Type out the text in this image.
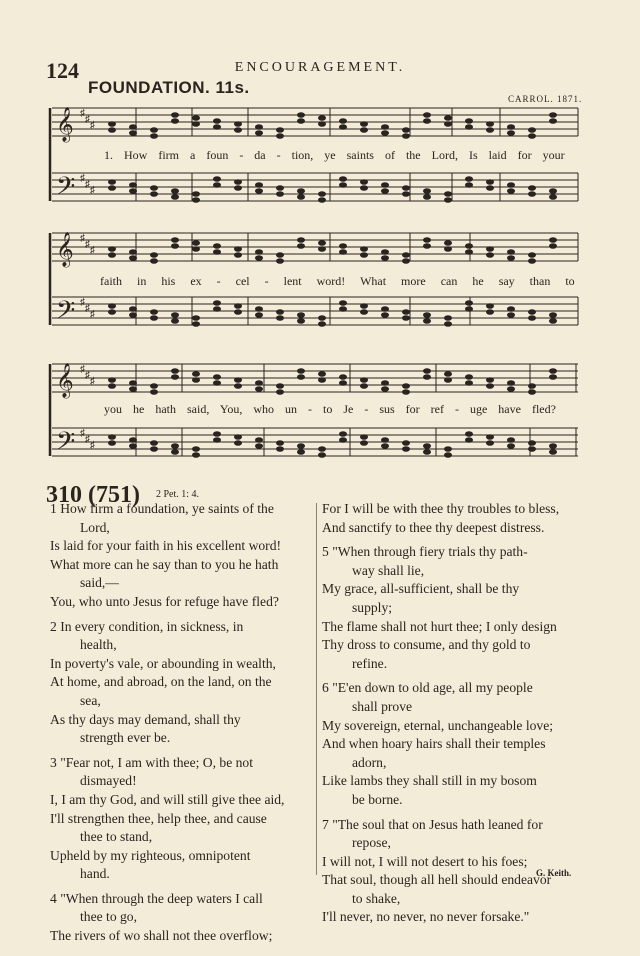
124	ENCOURAGEMENT.
FOUNDATION. 11s.
CARROL. 1871.
𝄞 ♯
♯
♯
𝄢 ♯
♯
♯
𝄞 ♯
♯
♯
𝄢 ♯
♯
♯
𝄞 ♯
♯
♯
𝄢 ♯
♯
♯
1. How firm a foun - da - tion, ye saints of the Lord, Is laid for your
faith in his ex - cel - lent word! What more can he say than to
you he hath said, You, who un - to Je - sus for ref - uge have fled?
310 (751) 2 Pet. 1: 4.

1 How firm a foundation, ye saints of the

Lord,

Is laid for your faith in his excellent word!

What more can he say than to you he hath

said,—

You, who unto Jesus for refuge have fled?

2 In every condition, in sickness, in

health,

In poverty's vale, or abounding in wealth,

At home, and abroad, on the land, on the

sea,

As thy days may demand, shall thy

strength ever be.

3 "Fear not, I am with thee; O, be not

dismayed!

I, I am thy God, and will still give thee aid,

I'll strengthen thee, help thee, and cause

thee to stand,

Upheld by my righteous, omnipotent

hand.

4 "When through the deep waters I call

thee to go,

The rivers of wo shall not thee overflow;

For I will be with thee thy troubles to bless,

And sanctify to thee thy deepest distress.

5 "When through fiery trials thy path-

way shall lie,

My grace, all-sufficient, shall be thy

supply;

The flame shall not hurt thee; I only design

Thy dross to consume, and thy gold to

refine.

6 "E'en down to old age, all my people

shall prove

My sovereign, eternal, unchangeable love;

And when hoary hairs shall their temples

adorn,

Like lambs they shall still in my bosom

be borne.

7 "The soul that on Jesus hath leaned for

repose,

I will not, I will not desert to his foes;

That soul, though all hell should endeavor

to shake,

I'll never, no never, no never forsake."

G. Keith.
